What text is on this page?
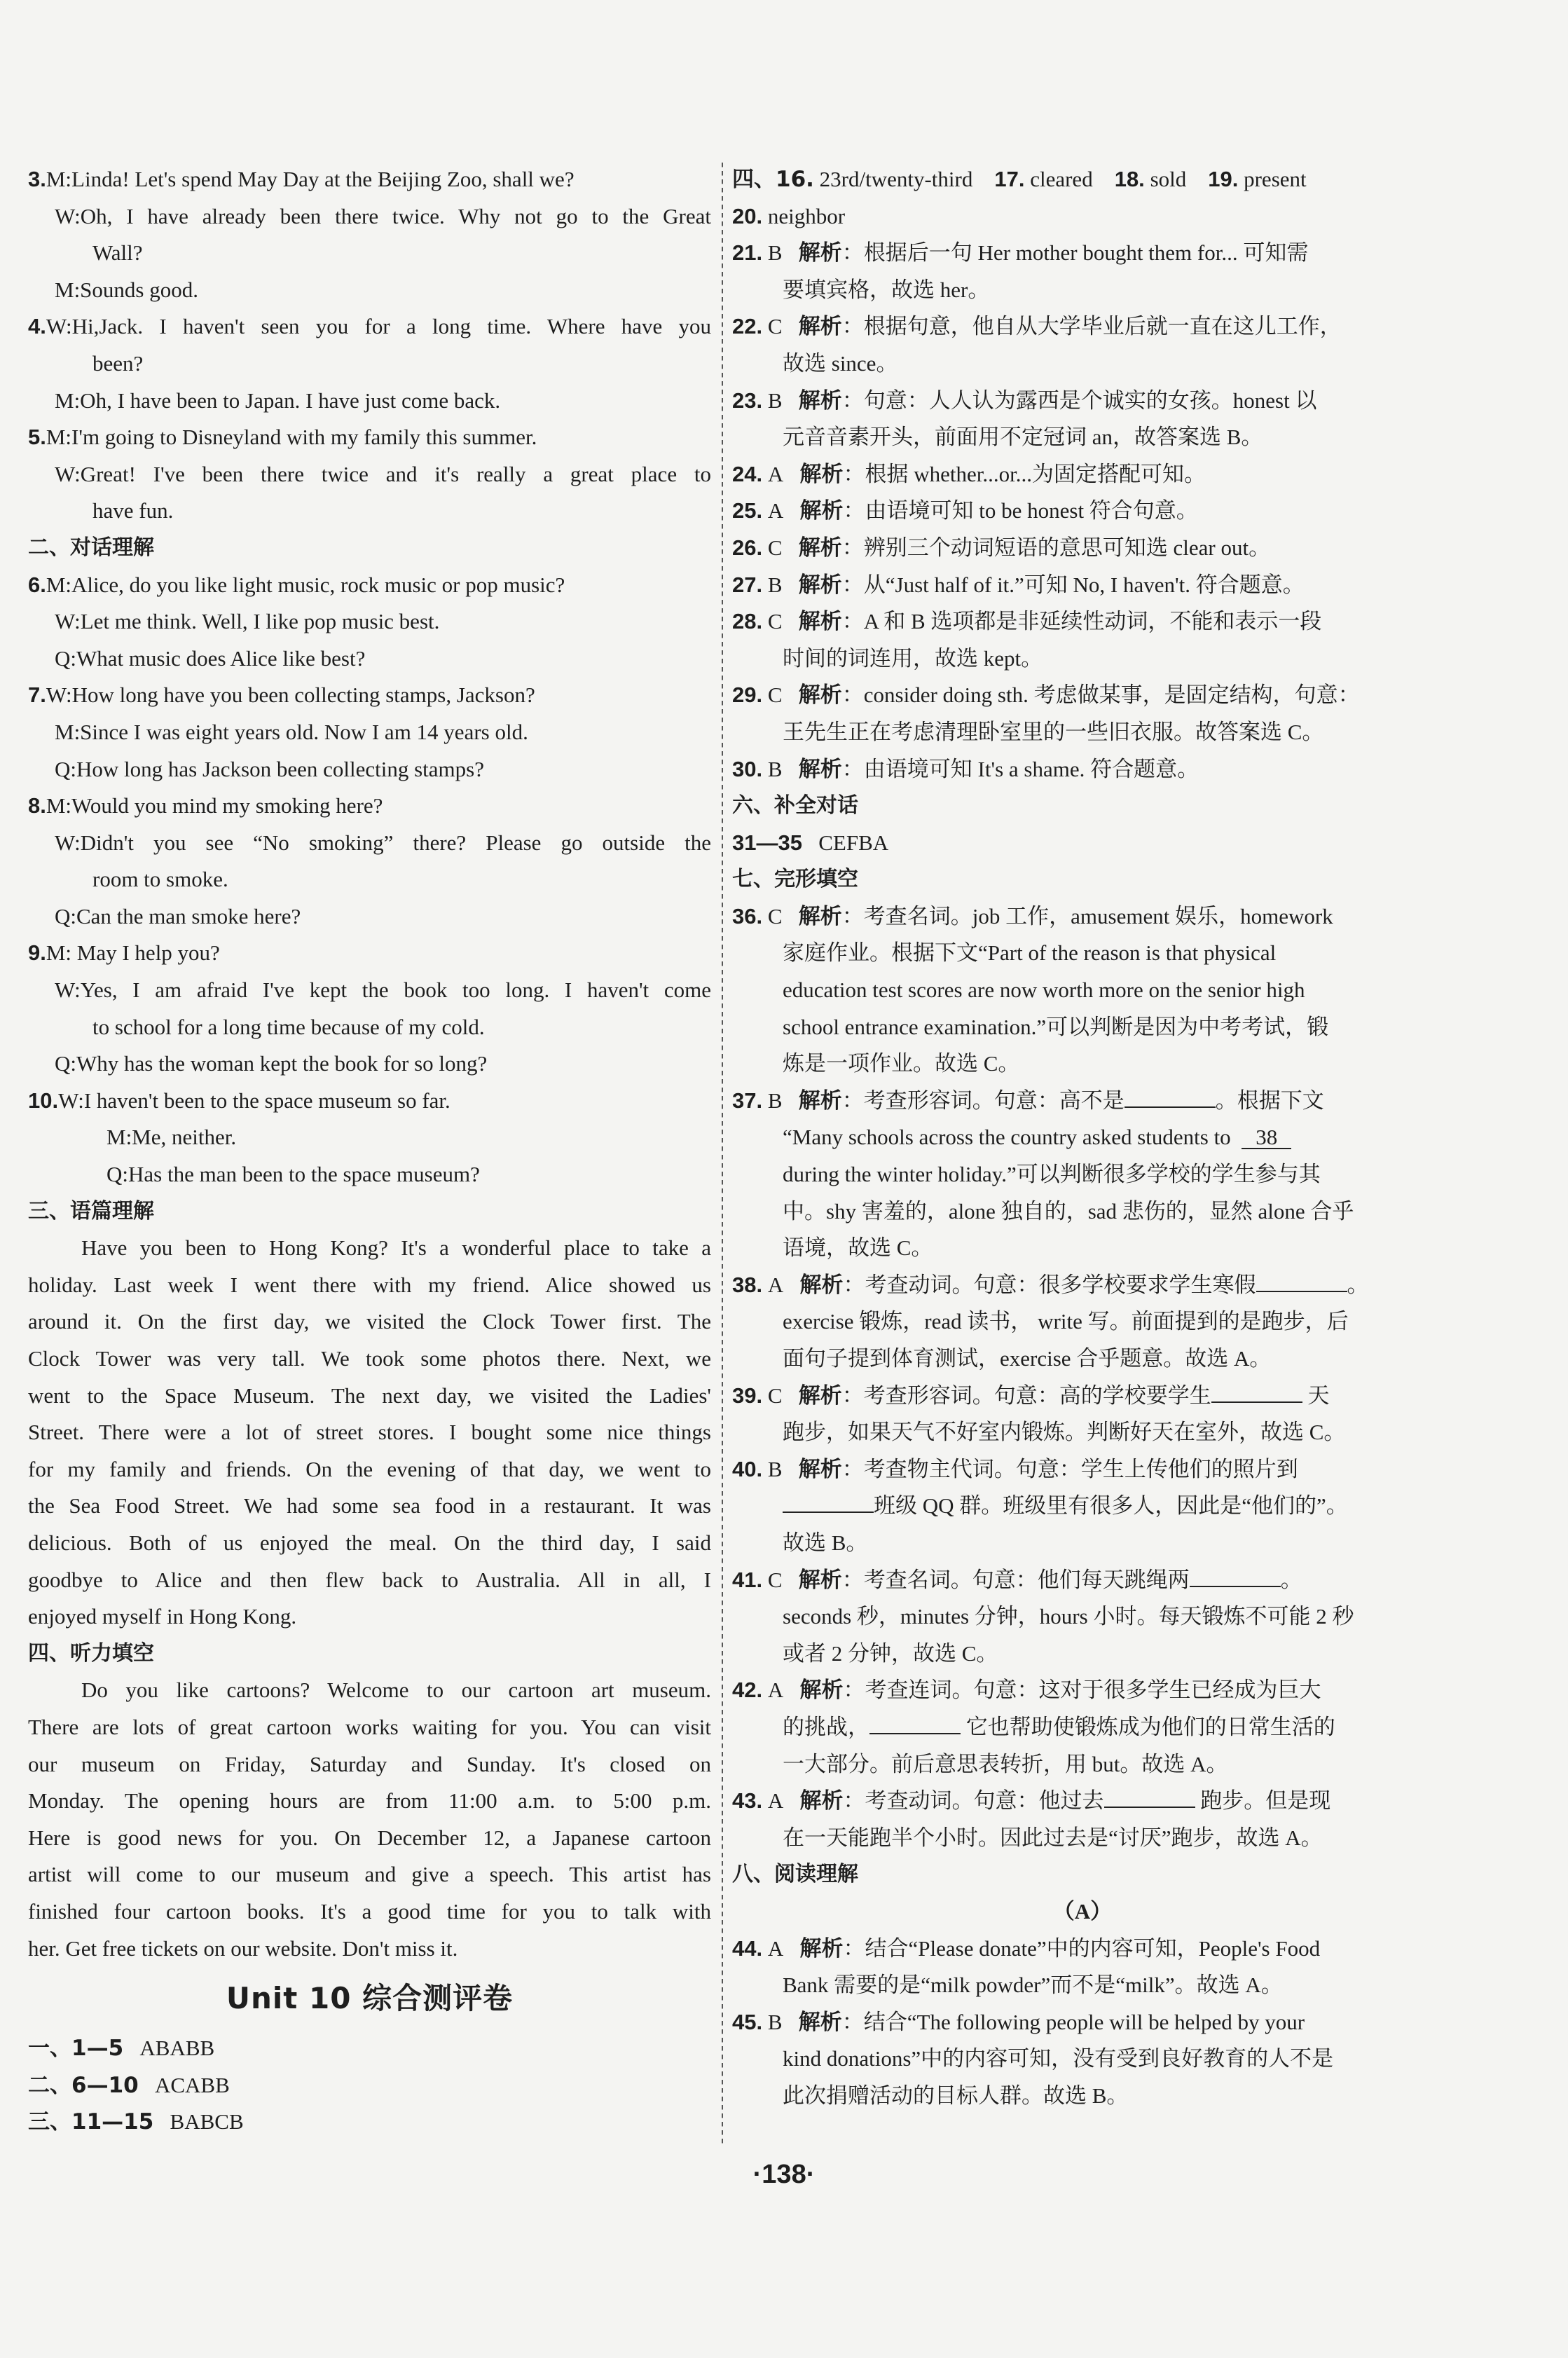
3.M:Linda! Let's spend May Day at the Beijing Zoo, shall we?
W:Oh, I have already been there twice. Why not go to the Great
Wall?
M:Sounds good.
4.W:Hi,Jack. I haven't seen you for a long time. Where have you
been?
M:Oh, I have been to Japan. I have just come back.
5.M:I'm going to Disneyland with my family this summer.
W:Great! I've been there twice and it's really a great place to
have fun.
二、对话理解
6.M:Alice, do you like light music, rock music or pop music?
W:Let me think. Well, I like pop music best.
Q:What music does Alice like best?
7.W:How long have you been collecting stamps, Jackson?
M:Since I was eight years old. Now I am 14 years old.
Q:How long has Jackson been collecting stamps?
8.M:Would you mind my smoking here?
W:Didn't you see “No smoking” there? Please go outside the
room to smoke.
Q:Can the man smoke here?
9.M: May I help you?
W:Yes, I am afraid I've kept the book too long. I haven't come
to school for a long time because of my cold.
Q:Why has the woman kept the book for so long?
10.W:I haven't been to the space museum so far.
M:Me, neither.
Q:Has the man been to the space museum?
三、语篇理解
Have you been to Hong Kong? It's a wonderful place to take a
holiday. Last week I went there with my friend. Alice showed us
around it. On the first day, we visited the Clock Tower first. The
Clock Tower was very tall. We took some photos there. Next, we
went to the Space Museum. The next day, we visited the Ladies'
Street. There were a lot of street stores. I bought some nice things
for my family and friends. On the evening of that day, we went to
the Sea Food Street. We had some sea food in a restaurant. It was
delicious. Both of us enjoyed the meal. On the third day, I said
goodbye to Alice and then flew back to Australia. All in all, I
enjoyed myself in Hong Kong.
四、听力填空
Do you like cartoons? Welcome to our cartoon art museum.
There are lots of great cartoon works waiting for you. You can visit
our museum on Friday, Saturday and Sunday. It's closed on
Monday. The opening hours are from 11:00 a.m. to 5:00 p.m.
Here is good news for you. On December 12, a Japanese cartoon
artist will come to our museum and give a speech. This artist has
finished four cartoon books. It's a good time for you to talk with
her. Get free tickets on our website. Don't miss it.
Unit 10 综合测评卷
一、1—5 ABABB
二、6—10 ACABB
三、11—15 BABCB
四、16. 23rd/twenty-third 17. cleared 18. sold 19. present
20. neighbor
21. B 解析：根据后一句 Her mother bought them for... 可知需
要填宾格，故选 her。
22. C 解析：根据句意，他自从大学毕业后就一直在这儿工作，
故选 since。
23. B 解析：句意：人人认为露西是个诚实的女孩。honest 以
元音音素开头，前面用不定冠词 an，故答案选 B。
24. A 解析：根据 whether...or...为固定搭配可知。
25. A 解析：由语境可知 to be honest 符合句意。
26. C 解析：辨别三个动词短语的意思可知选 clear out。
27. B 解析：从“Just half of it.”可知 No, I haven't. 符合题意。
28. C 解析：A 和 B 选项都是非延续性动词，不能和表示一段
时间的词连用，故选 kept。
29. C 解析：consider doing sth. 考虑做某事，是固定结构，句意：
王先生正在考虑清理卧室里的一些旧衣服。故答案选 C。
30. B 解析：由语境可知 It's a shame. 符合题意。
六、补全对话
31—35 CEFBA
七、完形填空
36. C 解析：考查名词。job 工作，amusement 娱乐，homework
家庭作业。根据下文“Part of the reason is that physical
education test scores are now worth more on the senior high
school entrance examination.”可以判断是因为中考考试，锻
炼是一项作业。故选 C。
37. B 解析：考查形容词。句意：高不是	。根据下文
“Many schools across the country asked students to 38
during the winter holiday.”可以判断很多学校的学生参与其
中。shy 害羞的，alone 独自的，sad 悲伤的，显然 alone 合乎
语境，故选 C。
38. A 解析：考查动词。句意：很多学校要求学生寒假	。
exercise 锻炼，read 读书， write 写。前面提到的是跑步，后
面句子提到体育测试，exercise 合乎题意。故选 A。
39. C 解析：考查形容词。句意：高的学校要学生	天
跑步，如果天气不好室内锻炼。判断好天在室外，故选 C。
40. B 解析：考查物主代词。句意：学生上传他们的照片到
班级 QQ 群。班级里有很多人，因此是“他们的”。
故选 B。
41. C 解析：考查名词。句意：他们每天跳绳两	。
seconds 秒，minutes 分钟，hours 小时。每天锻炼不可能 2 秒
或者 2 分钟，故选 C。
42. A 解析：考查连词。句意：这对于很多学生已经成为巨大
的挑战，	它也帮助使锻炼成为他们的日常生活的
一大部分。前后意思表转折，用 but。故选 A。
43. A 解析：考查动词。句意：他过去	跑步。但是现
在一天能跑半个小时。因此过去是“讨厌”跑步，故选 A。
八、阅读理解
（A）
44. A 解析：结合“Please donate”中的内容可知，People's Food
Bank 需要的是“milk powder”而不是“milk”。故选 A。
45. B 解析：结合“The following people will be helped by your
kind donations”中的内容可知，没有受到良好教育的人不是
此次捐赠活动的目标人群。故选 B。
·138·
